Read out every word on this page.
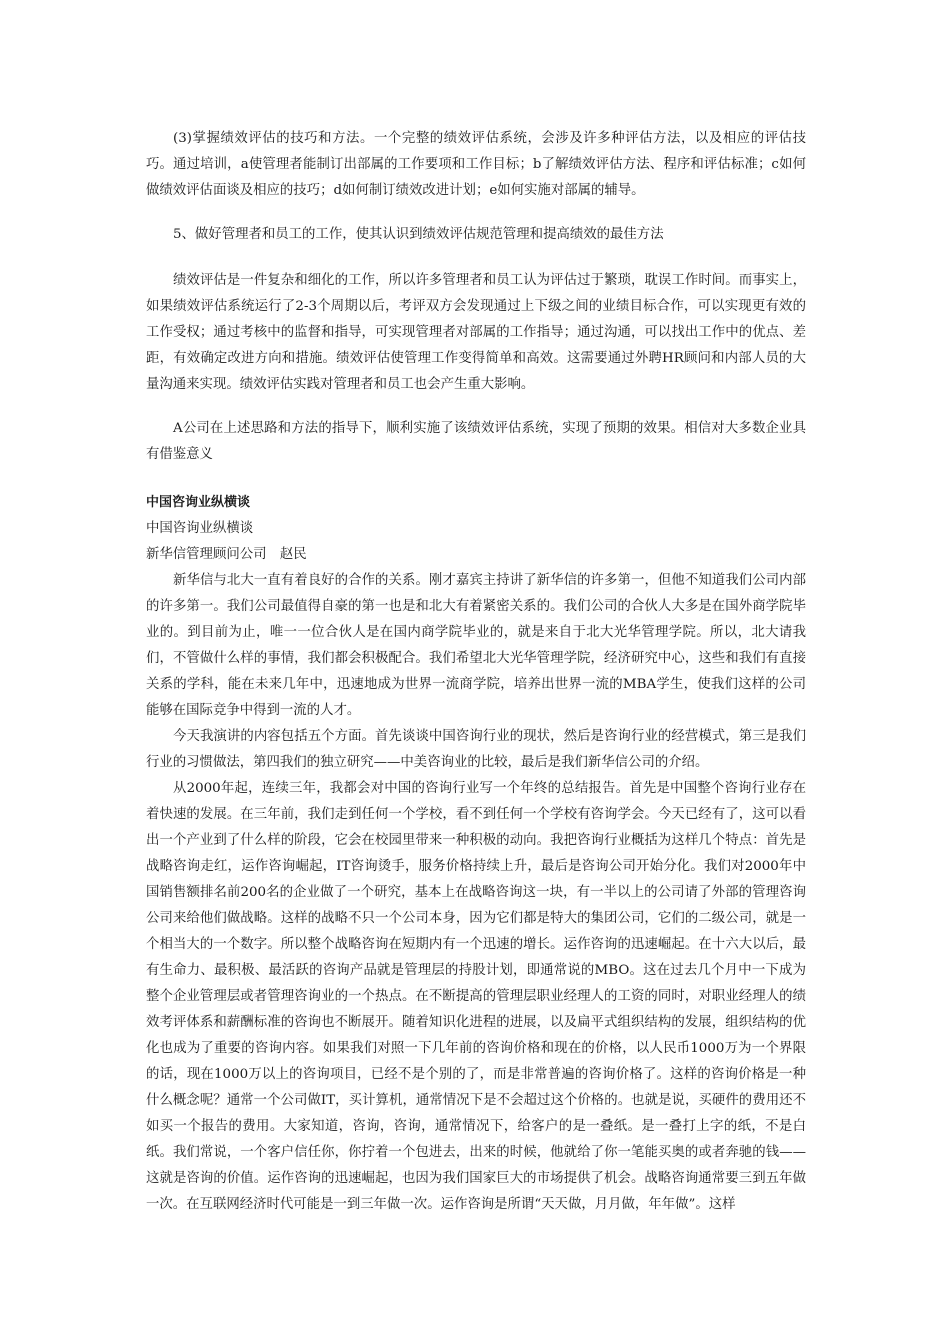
(3)掌握绩效评估的技巧和方法。一个完整的绩效评估系统，会涉及许多种评估方法，以及相应的评估技巧。通过培训，a使管理者能制订出部属的工作要项和工作目标；b了解绩效评估方法、程序和评估标准；c如何做绩效评估面谈及相应的技巧；d如何制订绩效改进计划；e如何实施对部属的辅导。

5、做好管理者和员工的工作，使其认识到绩效评估规范管理和提高绩效的最佳方法

绩效评估是一件复杂和细化的工作，所以许多管理者和员工认为评估过于繁琐，耽误工作时间。而事实上，如果绩效评估系统运行了2-3个周期以后，考评双方会发现通过上下级之间的业绩目标合作，可以实现更有效的工作受权；通过考核中的监督和指导，可实现管理者对部属的工作指导；通过沟通，可以找出工作中的优点、差距，有效确定改进方向和措施。绩效评估使管理工作变得简单和高效。这需要通过外聘HR顾问和内部人员的大量沟通来实现。绩效评估实践对管理者和员工也会产生重大影响。

A公司在上述思路和方法的指导下，顺利实施了该绩效评估系统，实现了预期的效果。相信对大多数企业具有借鉴意义

中国咨询业纵横谈

中国咨询业纵横谈

新华信管理顾问公司　赵民

新华信与北大一直有着良好的合作的关系。刚才嘉宾主持讲了新华信的许多第一，但他不知道我们公司内部的许多第一。我们公司最值得自豪的第一也是和北大有着紧密关系的。我们公司的合伙人大多是在国外商学院毕业的。到目前为止，唯一一位合伙人是在国内商学院毕业的，就是来自于北大光华管理学院。所以，北大请我们，不管做什么样的事情，我们都会积极配合。我们希望北大光华管理学院，经济研究中心，这些和我们有直接关系的学科，能在未来几年中，迅速地成为世界一流商学院，培养出世界一流的MBA学生，使我们这样的公司能够在国际竞争中得到一流的人才。

今天我演讲的内容包括五个方面。首先谈谈中国咨询行业的现状，然后是咨询行业的经营模式，第三是我们行业的习惯做法，第四我们的独立研究——中美咨询业的比较，最后是我们新华信公司的介绍。

从2000年起，连续三年，我都会对中国的咨询行业写一个年终的总结报告。首先是中国整个咨询行业存在着快速的发展。在三年前，我们走到任何一个学校，看不到任何一个学校有咨询学会。今天已经有了，这可以看出一个产业到了什么样的阶段，它会在校园里带来一种积极的动向。我把咨询行业概括为这样几个特点：首先是战略咨询走红，运作咨询崛起，IT咨询烫手，服务价格持续上升，最后是咨询公司开始分化。我们对2000年中国销售额排名前200名的企业做了一个研究，基本上在战略咨询这一块，有一半以上的公司请了外部的管理咨询公司来给他们做战略。这样的战略不只一个公司本身，因为它们都是特大的集团公司，它们的二级公司，就是一个相当大的一个数字。所以整个战略咨询在短期内有一个迅速的增长。运作咨询的迅速崛起。在十六大以后，最有生命力、最积极、最活跃的咨询产品就是管理层的持股计划，即通常说的MBO。这在过去几个月中一下成为整个企业管理层或者管理咨询业的一个热点。在不断提高的管理层职业经理人的工资的同时，对职业经理人的绩效考评体系和薪酬标准的咨询也不断展开。随着知识化进程的进展，以及扁平式组织结构的发展，组织结构的优化也成为了重要的咨询内容。如果我们对照一下几年前的咨询价格和现在的价格，以人民币1000万为一个界限的话，现在1000万以上的咨询项目，已经不是个别的了，而是非常普遍的咨询价格了。这样的咨询价格是一种什么概念呢？通常一个公司做IT，买计算机，通常情况下是不会超过这个价格的。也就是说，买硬件的费用还不如买一个报告的费用。大家知道，咨询，咨询，通常情况下，给客户的是一叠纸。是一叠打上字的纸，不是白纸。我们常说，一个客户信任你，你拧着一个包进去，出来的时候，他就给了你一笔能买奥的或者奔驰的钱——这就是咨询的价值。运作咨询的迅速崛起，也因为我们国家巨大的市场提供了机会。战略咨询通常要三到五年做一次。在互联网经济时代可能是一到三年做一次。运作咨询是所谓“天天做，月月做，年年做”。这样
